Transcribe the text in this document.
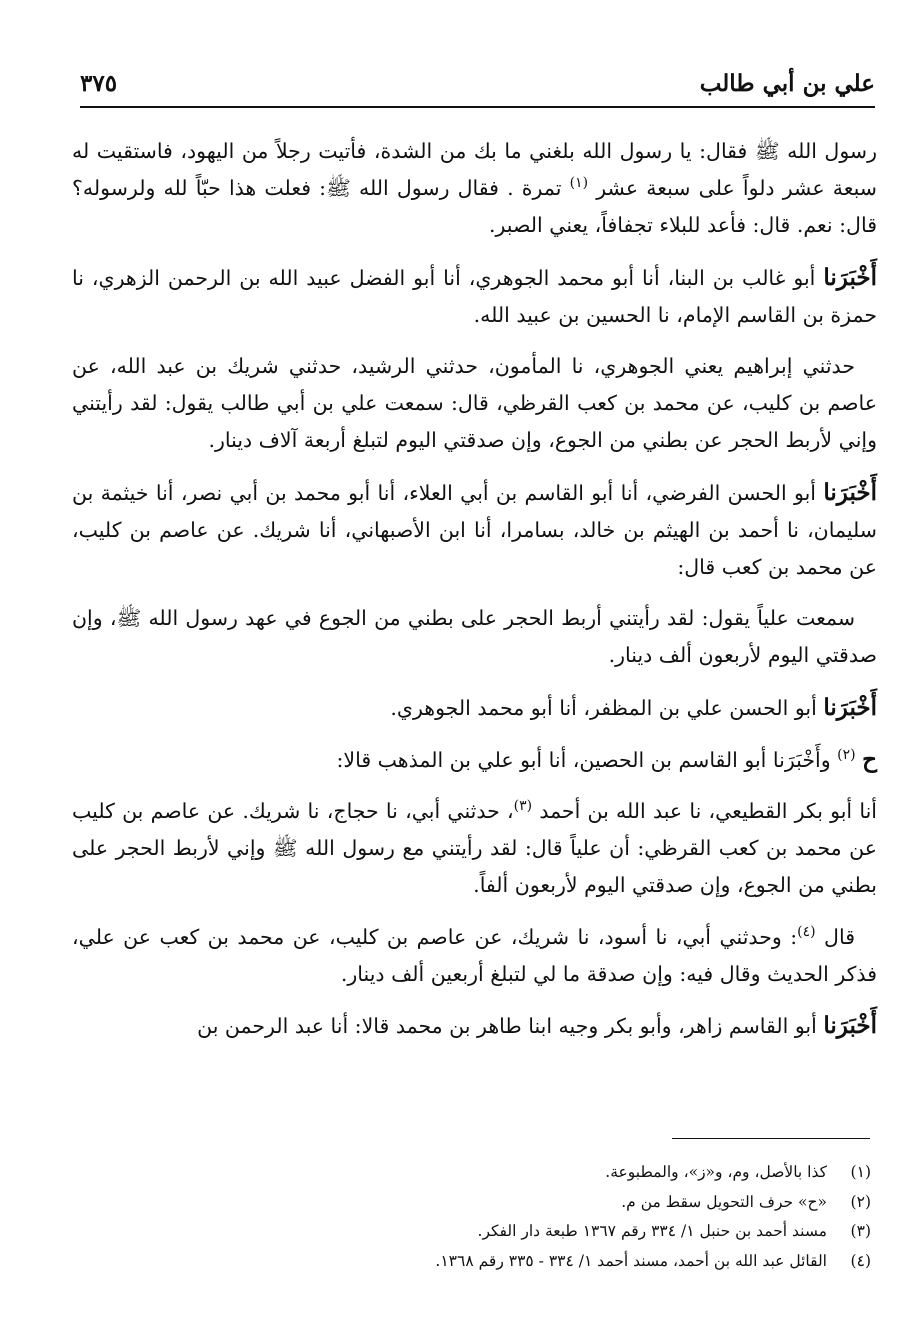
علي بن أبي طالب
٣٧٥

رسول الله ﷺ فقال: يا رسول الله بلغني ما بك من الشدة، فأتيت رجلاً من اليهود، فاستقيت له سبعة عشر دلواً على سبعة عشر $^{(١)}$ تمرة . فقال رسول الله ﷺ: فعلت هذا حبّاً لله ولرسوله؟ قال: نعم. قال: فأعد للبلاء تجفافاً، يعني الصبر.

أَخْبَرَنا أبو غالب بن البنا، أنا أبو محمد الجوهري، أنا أبو الفضل عبيد الله بن الرحمن الزهري، نا حمزة بن القاسم الإمام، نا الحسين بن عبيد الله.

حدثني إبراهيم يعني الجوهري، نا المأمون، حدثني الرشيد، حدثني شريك بن عبد الله، عن عاصم بن كليب، عن محمد بن كعب القرظي، قال: سمعت علي بن أبي طالب يقول: لقد رأيتني وإني لأربط الحجر عن بطني من الجوع، وإن صدقتي اليوم لتبلغ أربعة آلاف دينار.

أَخْبَرَنا أبو الحسن الفرضي، أنا أبو القاسم بن أبي العلاء، أنا أبو محمد بن أبي نصر، أنا خيثمة بن سليمان، نا أحمد بن الهيثم بن خالد، بسامرا، أنا ابن الأصبهاني، أنا شريك. عن عاصم بن كليب، عن محمد بن كعب قال:

سمعت علياً يقول: لقد رأيتني أربط الحجر على بطني من الجوع في عهد رسول الله ﷺ، وإن صدقتي اليوم لأربعون ألف دينار.

أَخْبَرَنا أبو الحسن علي بن المظفر، أنا أبو محمد الجوهري.

ح $^{(٢)}$ وأَخْبَرَنا أبو القاسم بن الحصين، أنا أبو علي بن المذهب قالا:

أنا أبو بكر القطيعي، نا عبد الله بن أحمد $^{(٣)}$، حدثني أبي، نا حجاج، نا شريك. عن عاصم بن كليب عن محمد بن كعب القرظي: أن علياً قال: لقد رأيتني مع رسول الله ﷺ وإني لأربط الحجر على بطني من الجوع، وإن صدقتي اليوم لأربعون ألفاً.

قال $^{(٤)}$: وحدثني أبي، نا أسود، نا شريك، عن عاصم بن كليب، عن محمد بن كعب عن علي، فذكر الحديث وقال فيه: وإن صدقة ما لي لتبلغ أربعين ألف دينار.

أَخْبَرَنا أبو القاسم زاهر، وأبو بكر وجيه ابنا طاهر بن محمد قالا: أنا عبد الرحمن بن

(١)كذا بالأصل، وم، و«ز»، والمطبوعة.
(٢)«ح» حرف التحويل سقط من م.
(٣)مسند أحمد بن حنبل ١/ ٣٣٤ رقم ١٣٦٧ طبعة دار الفكر.
(٤)القائل عبد الله بن أحمد، مسند أحمد ١/ ٣٣٤ - ٣٣٥ رقم ١٣٦٨.
